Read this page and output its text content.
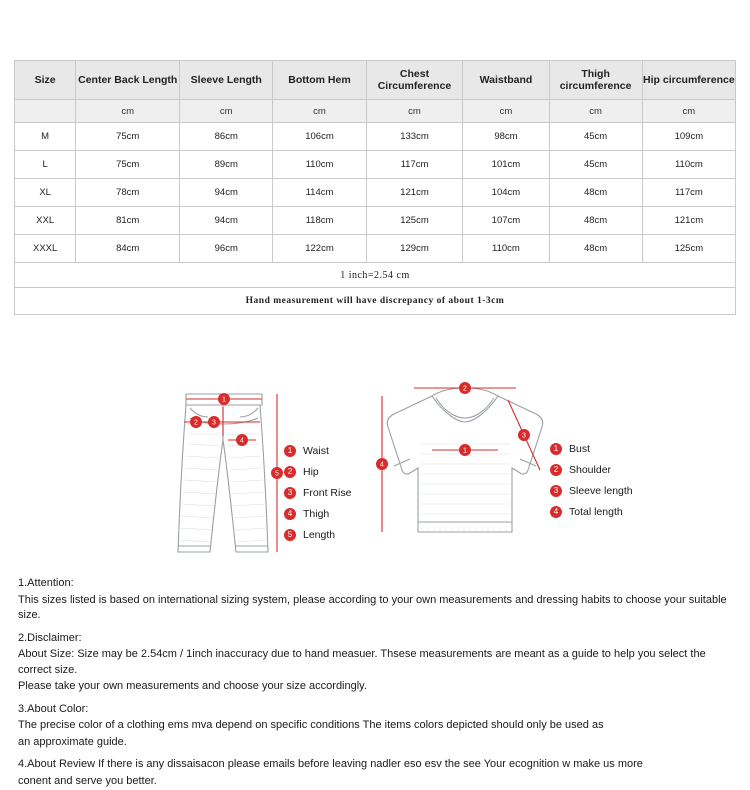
Size	Center Back Length	Sleeve Length	Bottom Hem	Chest Circumference	Waistband	Thigh circumference	Hip circumference
	cm	cm	cm	cm	cm	cm	cm
M	75cm	86cm	106cm	133cm	98cm	45cm	109cm
L	75cm	89cm	110cm	117cm	101cm	45cm	110cm
XL	78cm	94cm	114cm	121cm	104cm	48cm	117cm
XXL	81cm	94cm	118cm	125cm	107cm	48cm	121cm
XXXL	84cm	96cm	122cm	129cm	110cm	48cm	125cm
1 inch=2.54 cm							
Hand measurement will have discrepancy of about 1-3cm							
1
2 3
4
5
1	Waist
2	Hip
3	Front Rise
4	Thigh
5	Length
2
1
3
4
1	Bust
2	Shoulder
3	Sleeve length
4	Total length

1.Attention:

This sizes listed is based on international sizing system, please according to your own measurements and dressing habits to choose your suitable size.

2.Disclaimer:

About Size: Size may be 2.54cm / 1inch inaccuracy due to hand measuer. Thsese measurements are meant as a guide to help you select the correct size.

Please take your own measurements and choose your size accordingly.

3.About Color:

The precise color of a clothing ems mva depend on specific conditions The items colors depicted should only be used as

an approximate guide.

4.About Review If there is any dissaisacon please emails before leaving nadler eso esv the see Your ecognition w make us more

conent and serve you better.
